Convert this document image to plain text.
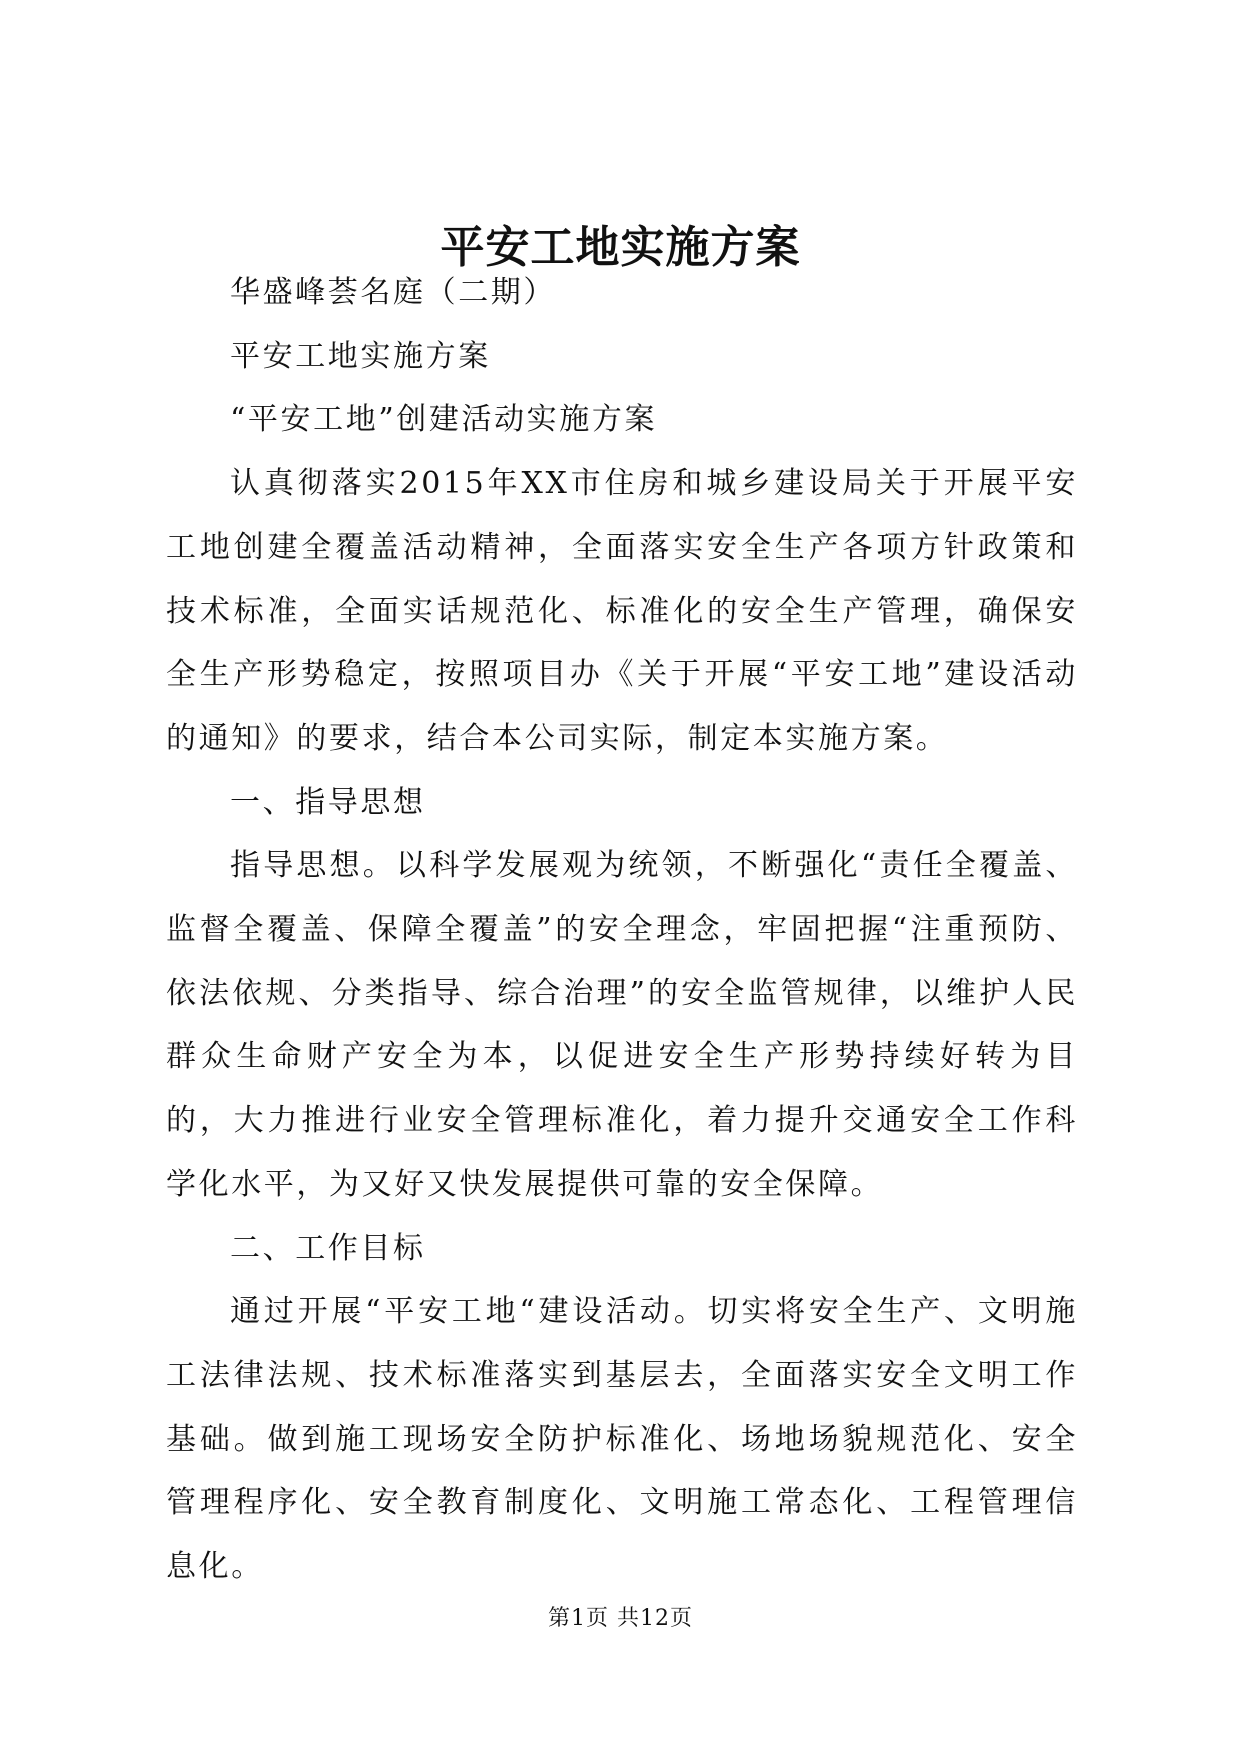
平安工地实施方案

华盛峰荟名庭（二期）

平安工地实施方案

“平安工地”创建活动实施方案

认真彻落实2015年XX市住房和城乡建设局关于开展平安工地创建全覆盖活动精神，全面落实安全生产各项方针政策和技术标准，全面实话规范化、标准化的安全生产管理，确保安全生产形势稳定，按照项目办《关于开展“平安工地”建设活动的通知》的要求，结合本公司实际，制定本实施方案。

一、指导思想

指导思想。以科学发展观为统领，不断强化“责任全覆盖、监督全覆盖、保障全覆盖”的安全理念，牢固把握“注重预防、依法依规、分类指导、综合治理”的安全监管规律，以维护人民群众生命财产安全为本，以促进安全生产形势持续好转为目的，大力推进行业安全管理标准化，着力提升交通安全工作科学化水平，为又好又快发展提供可靠的安全保障。

二、工作目标

通过开展“平安工地“建设活动。切实将安全生产、文明施工法律法规、技术标准落实到基层去，全面落实安全文明工作基础。做到施工现场安全防护标准化、场地场貌规范化、安全管理程序化、安全教育制度化、文明施工常态化、工程管理信息化。

第1页 共12页
